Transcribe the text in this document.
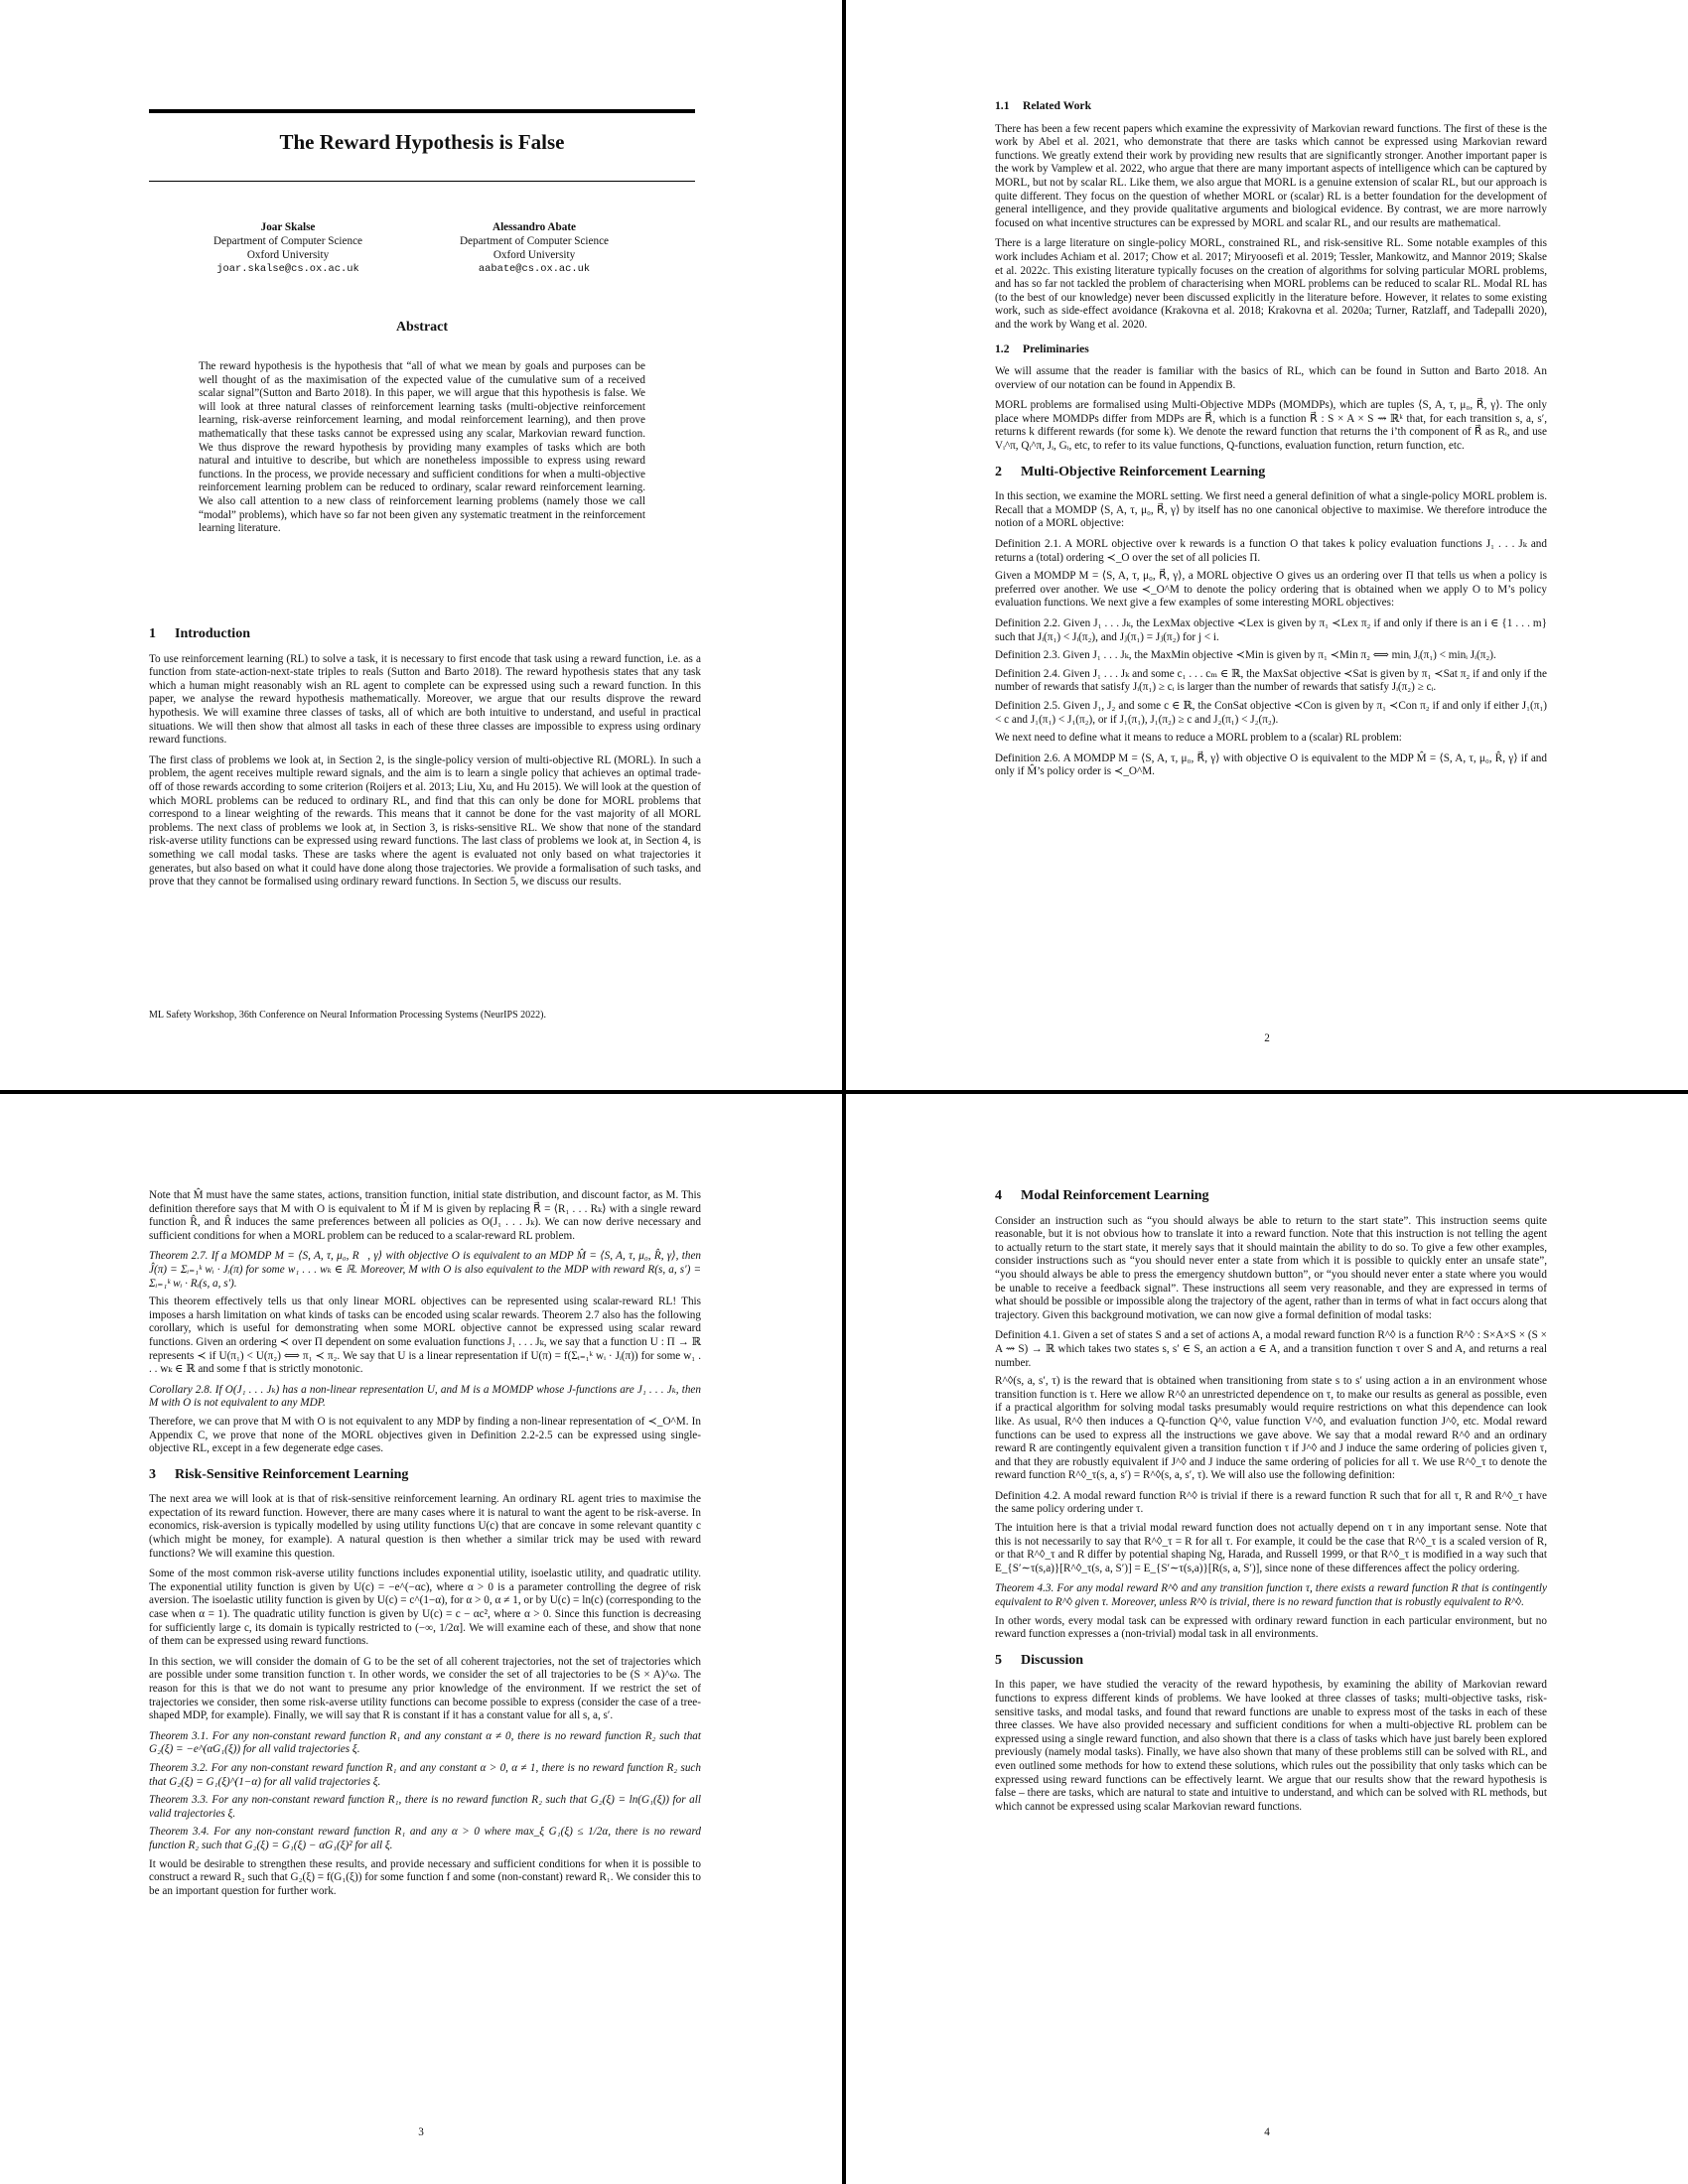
The Reward Hypothesis is False
Joar Skalse
Department of Computer Science
Oxford University
joar.skalse@cs.ox.ac.uk
Alessandro Abate
Department of Computer Science
Oxford University
aabate@cs.ox.ac.uk
Abstract
The reward hypothesis is the hypothesis that “all of what we mean by goals and purposes can be well thought of as the maximisation of the expected value of the cumulative sum of a received scalar signal”(Sutton and Barto 2018). In this paper, we will argue that this hypothesis is false. We will look at three natural classes of reinforcement learning tasks (multi-objective reinforcement learning, risk-averse reinforcement learning, and modal reinforcement learning), and then prove mathematically that these tasks cannot be expressed using any scalar, Markovian reward function. We thus disprove the reward hypothesis by providing many examples of tasks which are both natural and intuitive to describe, but which are nonetheless impossible to express using reward functions. In the process, we provide necessary and sufficient conditions for when a multi-objective reinforcement learning problem can be reduced to ordinary, scalar reward reinforcement learning. We also call attention to a new class of reinforcement learning problems (namely those we call “modal” problems), which have so far not been given any systematic treatment in the reinforcement learning literature.
1 Introduction

To use reinforcement learning (RL) to solve a task, it is necessary to first encode that task using a reward function, i.e. as a function from state-action-next-state triples to reals (Sutton and Barto 2018). The reward hypothesis states that any task which a human might reasonably wish an RL agent to complete can be expressed using such a reward function. In this paper, we analyse the reward hypothesis mathematically. Moreover, we argue that our results disprove the reward hypothesis. We will examine three classes of tasks, all of which are both intuitive to understand, and useful in practical situations. We will then show that almost all tasks in each of these three classes are impossible to express using ordinary reward functions.

The first class of problems we look at, in Section 2, is the single-policy version of multi-objective RL (MORL). In such a problem, the agent receives multiple reward signals, and the aim is to learn a single policy that achieves an optimal trade-off of those rewards according to some criterion (Roijers et al. 2013; Liu, Xu, and Hu 2015). We will look at the question of which MORL problems can be reduced to ordinary RL, and find that this can only be done for MORL problems that correspond to a linear weighting of the rewards. This means that it cannot be done for the vast majority of all MORL problems. The next class of problems we look at, in Section 3, is risks-sensitive RL. We show that none of the standard risk-averse utility functions can be expressed using reward functions. The last class of problems we look at, in Section 4, is something we call modal tasks. These are tasks where the agent is evaluated not only based on what trajectories it generates, but also based on what it could have done along those trajectories. We provide a formalisation of such tasks, and prove that they cannot be formalised using ordinary reward functions. In Section 5, we discuss our results.

ML Safety Workshop, 36th Conference on Neural Information Processing Systems (NeurIPS 2022).
1.1 Related Work

There has been a few recent papers which examine the expressivity of Markovian reward functions. The first of these is the work by Abel et al. 2021, who demonstrate that there are tasks which cannot be expressed using Markovian reward functions. We greatly extend their work by providing new results that are significantly stronger. Another important paper is the work by Vamplew et al. 2022, who argue that there are many important aspects of intelligence which can be captured by MORL, but not by scalar RL. Like them, we also argue that MORL is a genuine extension of scalar RL, but our approach is quite different. They focus on the question of whether MORL or (scalar) RL is a better foundation for the development of general intelligence, and they provide qualitative arguments and biological evidence. By contrast, we are more narrowly focused on what incentive structures can be expressed by MORL and scalar RL, and our results are mathematical.

There is a large literature on single-policy MORL, constrained RL, and risk-sensitive RL. Some notable examples of this work includes Achiam et al. 2017; Chow et al. 2017; Miryoosefi et al. 2019; Tessler, Mankowitz, and Mannor 2019; Skalse et al. 2022c. This existing literature typically focuses on the creation of algorithms for solving particular MORL problems, and has so far not tackled the problem of characterising when MORL problems can be reduced to scalar RL. Modal RL has (to the best of our knowledge) never been discussed explicitly in the literature before. However, it relates to some existing work, such as side-effect avoidance (Krakovna et al. 2018; Krakovna et al. 2020a; Turner, Ratzlaff, and Tadepalli 2020), and the work by Wang et al. 2020.

1.2 Preliminaries

We will assume that the reader is familiar with the basics of RL, which can be found in Sutton and Barto 2018. An overview of our notation can be found in Appendix B.

MORL problems are formalised using Multi-Objective MDPs (MOMDPs), which are tuples ⟨S, A, τ, μ₀, R⃗, γ⟩. The only place where MOMDPs differ from MDPs are R⃗, which is a function R⃗ : S × A × S ⇝ ℝᵏ that, for each transition s, a, s′, returns k different rewards (for some k). We denote the reward function that returns the i’th component of R⃗ as Rᵢ, and use Vᵢ^π, Qᵢ^π, Jᵢ, Gᵢ, etc, to refer to its value functions, Q-functions, evaluation function, return function, etc.

2 Multi-Objective Reinforcement Learning

In this section, we examine the MORL setting. We first need a general definition of what a single-policy MORL problem is. Recall that a MOMDP ⟨S, A, τ, μ₀, R⃗, γ⟩ by itself has no one canonical objective to maximise. We therefore introduce the notion of a MORL objective:

Definition 2.1. A MORL objective over k rewards is a function O that takes k policy evaluation functions J₁ . . . Jₖ and returns a (total) ordering ≺_O over the set of all policies Π.

Given a MOMDP M = ⟨S, A, τ, μ₀, R⃗, γ⟩, a MORL objective O gives us an ordering over Π that tells us when a policy is preferred over another. We use ≺_O^M to denote the policy ordering that is obtained when we apply O to M’s policy evaluation functions. We next give a few examples of some interesting MORL objectives:

Definition 2.2. Given J₁ . . . Jₖ, the LexMax objective ≺Lex is given by π₁ ≺Lex π₂ if and only if there is an i ∈ {1 . . . m} such that Jᵢ(π₁) < Jᵢ(π₂), and Jⱼ(π₁) = Jⱼ(π₂) for j < i.

Definition 2.3. Given J₁ . . . Jₖ, the MaxMin objective ≺Min is given by π₁ ≺Min π₂ ⟺ minᵢ Jᵢ(π₁) < minᵢ Jᵢ(π₂).

Definition 2.4. Given J₁ . . . Jₖ and some c₁ . . . cₘ ∈ ℝ, the MaxSat objective ≺Sat is given by π₁ ≺Sat π₂ if and only if the number of rewards that satisfy Jᵢ(π₁) ≥ cᵢ is larger than the number of rewards that satisfy Jᵢ(π₂) ≥ cᵢ.

Definition 2.5. Given J₁, J₂ and some c ∈ ℝ, the ConSat objective ≺Con is given by π₁ ≺Con π₂ if and only if either J₁(π₁) < c and J₁(π₁) < J₁(π₂), or if J₁(π₁), J₁(π₂) ≥ c and J₂(π₁) < J₂(π₂).

We next need to define what it means to reduce a MORL problem to a (scalar) RL problem:

Definition 2.6. A MOMDP M = ⟨S, A, τ, μ₀, R⃗, γ⟩ with objective O is equivalent to the MDP M̂ = ⟨S, A, τ, μ₀, R̂, γ⟩ if and only if M̂’s policy order is ≺_O^M.

2

Note that M̂ must have the same states, actions, transition function, initial state distribution, and discount factor, as M. This definition therefore says that M with O is equivalent to M̂ if M is given by replacing R⃗ = ⟨R₁ . . . Rₖ⟩ with a single reward function R̂, and R̂ induces the same preferences between all policies as O(J₁ . . . Jₖ). We can now derive necessary and sufficient conditions for when a MORL problem can be reduced to a scalar-reward RL problem.

Theorem 2.7. If a MOMDP M = ⟨S, A, τ, μ₀, R⃗, γ⟩ with objective O is equivalent to an MDP M̂ = ⟨S, A, τ, μ₀, R̂, γ⟩, then Ĵ(π) = Σᵢ₌₁ᵏ wᵢ · Jᵢ(π) for some w₁ . . . wₖ ∈ ℝ. Moreover, M with O is also equivalent to the MDP with reward R(s, a, s′) = Σᵢ₌₁ᵏ wᵢ · Rᵢ(s, a, s′).

This theorem effectively tells us that only linear MORL objectives can be represented using scalar-reward RL! This imposes a harsh limitation on what kinds of tasks can be encoded using scalar rewards. Theorem 2.7 also has the following corollary, which is useful for demonstrating when some MORL objective cannot be expressed using scalar reward functions. Given an ordering ≺ over Π dependent on some evaluation functions J₁ . . . Jₖ, we say that a function U : Π → ℝ represents ≺ if U(π₁) < U(π₂) ⟺ π₁ ≺ π₂. We say that U is a linear representation if U(π) = f(Σᵢ₌₁ᵏ wᵢ · Jᵢ(π)) for some w₁ . . . wₖ ∈ ℝ and some f that is strictly monotonic.

Corollary 2.8. If O(J₁ . . . Jₖ) has a non-linear representation U, and M is a MOMDP whose J-functions are J₁ . . . Jₖ, then M with O is not equivalent to any MDP.

Therefore, we can prove that M with O is not equivalent to any MDP by finding a non-linear representation of ≺_O^M. In Appendix C, we prove that none of the MORL objectives given in Definition 2.2-2.5 can be expressed using single-objective RL, except in a few degenerate edge cases.

3 Risk-Sensitive Reinforcement Learning

The next area we will look at is that of risk-sensitive reinforcement learning. An ordinary RL agent tries to maximise the expectation of its reward function. However, there are many cases where it is natural to want the agent to be risk-averse. In economics, risk-aversion is typically modelled by using utility functions U(c) that are concave in some relevant quantity c (which might be money, for example). A natural question is then whether a similar trick may be used with reward functions? We will examine this question.

Some of the most common risk-averse utility functions includes exponential utility, isoelastic utility, and quadratic utility. The exponential utility function is given by U(c) = −e^(−αc), where α > 0 is a parameter controlling the degree of risk aversion. The isoelastic utility function is given by U(c) = c^(1−α), for α > 0, α ≠ 1, or by U(c) = ln(c) (corresponding to the case when α = 1). The quadratic utility function is given by U(c) = c − αc², where α > 0. Since this function is decreasing for sufficiently large c, its domain is typically restricted to (−∞, 1/2α]. We will examine each of these, and show that none of them can be expressed using reward functions.

In this section, we will consider the domain of G to be the set of all coherent trajectories, not the set of trajectories which are possible under some transition function τ. In other words, we consider the set of all trajectories to be (S × A)^ω. The reason for this is that we do not want to presume any prior knowledge of the environment. If we restrict the set of trajectories we consider, then some risk-averse utility functions can become possible to express (consider the case of a tree-shaped MDP, for example). Finally, we will say that R is constant if it has a constant value for all s, a, s′.

Theorem 3.1. For any non-constant reward function R₁ and any constant α ≠ 0, there is no reward function R₂ such that G₂(ξ) = −e^(αG₁(ξ)) for all valid trajectories ξ.

Theorem 3.2. For any non-constant reward function R₁ and any constant α > 0, α ≠ 1, there is no reward function R₂ such that G₂(ξ) = G₁(ξ)^(1−α) for all valid trajectories ξ.

Theorem 3.3. For any non-constant reward function R₁, there is no reward function R₂ such that G₂(ξ) = ln(G₁(ξ)) for all valid trajectories ξ.

Theorem 3.4. For any non-constant reward function R₁ and any α > 0 where max_ξ G₁(ξ) ≤ 1/2α, there is no reward function R₂ such that G₂(ξ) = G₁(ξ) − αG₁(ξ)² for all ξ.

It would be desirable to strengthen these results, and provide necessary and sufficient conditions for when it is possible to construct a reward R₂ such that G₂(ξ) = f(G₁(ξ)) for some function f and some (non-constant) reward R₁. We consider this to be an important question for further work.

3
4 Modal Reinforcement Learning

Consider an instruction such as “you should always be able to return to the start state”. This instruction seems quite reasonable, but it is not obvious how to translate it into a reward function. Note that this instruction is not telling the agent to actually return to the start state, it merely says that it should maintain the ability to do so. To give a few other examples, consider instructions such as “you should never enter a state from which it is possible to quickly enter an unsafe state”, “you should always be able to press the emergency shutdown button”, or “you should never enter a state where you would be unable to receive a feedback signal”. These instructions all seem very reasonable, and they are expressed in terms of what should be possible or impossible along the trajectory of the agent, rather than in terms of what in fact occurs along that trajectory. Given this background motivation, we can now give a formal definition of modal tasks:

Definition 4.1. Given a set of states S and a set of actions A, a modal reward function R^◊ is a function R^◊ : S×A×S × (S × A ⇝ S) → ℝ which takes two states s, s′ ∈ S, an action a ∈ A, and a transition function τ over S and A, and returns a real number.

R^◊(s, a, s′, τ) is the reward that is obtained when transitioning from state s to s′ using action a in an environment whose transition function is τ. Here we allow R^◊ an unrestricted dependence on τ, to make our results as general as possible, even if a practical algorithm for solving modal tasks presumably would require restrictions on what this dependence can look like. As usual, R^◊ then induces a Q-function Q^◊, value function V^◊, and evaluation function J^◊, etc. Modal reward functions can be used to express all the instructions we gave above. We say that a modal reward R^◊ and an ordinary reward R are contingently equivalent given a transition function τ if J^◊ and J induce the same ordering of policies given τ, and that they are robustly equivalent if J^◊ and J induce the same ordering of policies for all τ. We use R^◊_τ to denote the reward function R^◊_τ(s, a, s′) = R^◊(s, a, s′, τ). We will also use the following definition:

Definition 4.2. A modal reward function R^◊ is trivial if there is a reward function R such that for all τ, R and R^◊_τ have the same policy ordering under τ.

The intuition here is that a trivial modal reward function does not actually depend on τ in any important sense. Note that this is not necessarily to say that R^◊_τ = R for all τ. For example, it could be the case that R^◊_τ is a scaled version of R, or that R^◊_τ and R differ by potential shaping Ng, Harada, and Russell 1999, or that R^◊_τ is modified in a way such that E_{S′∼τ(s,a)}[R^◊_τ(s, a, S′)] = E_{S′∼τ(s,a)}[R(s, a, S′)], since none of these differences affect the policy ordering.

Theorem 4.3. For any modal reward R^◊ and any transition function τ, there exists a reward function R that is contingently equivalent to R^◊ given τ. Moreover, unless R^◊ is trivial, there is no reward function that is robustly equivalent to R^◊.

In other words, every modal task can be expressed with ordinary reward function in each particular environment, but no reward function expresses a (non-trivial) modal task in all environments.

5 Discussion

In this paper, we have studied the veracity of the reward hypothesis, by examining the ability of Markovian reward functions to express different kinds of problems. We have looked at three classes of tasks; multi-objective tasks, risk-sensitive tasks, and modal tasks, and found that reward functions are unable to express most of the tasks in each of these three classes. We have also provided necessary and sufficient conditions for when a multi-objective RL problem can be expressed using a single reward function, and also shown that there is a class of tasks which have just barely been explored previously (namely modal tasks). Finally, we have also shown that many of these problems still can be solved with RL, and even outlined some methods for how to extend these solutions, which rules out the possibility that only tasks which can be expressed using reward functions can be effectively learnt. We argue that our results show that the reward hypothesis is false – there are tasks, which are natural to state and intuitive to understand, and which can be solved with RL methods, but which cannot be expressed using scalar Markovian reward functions.

4
